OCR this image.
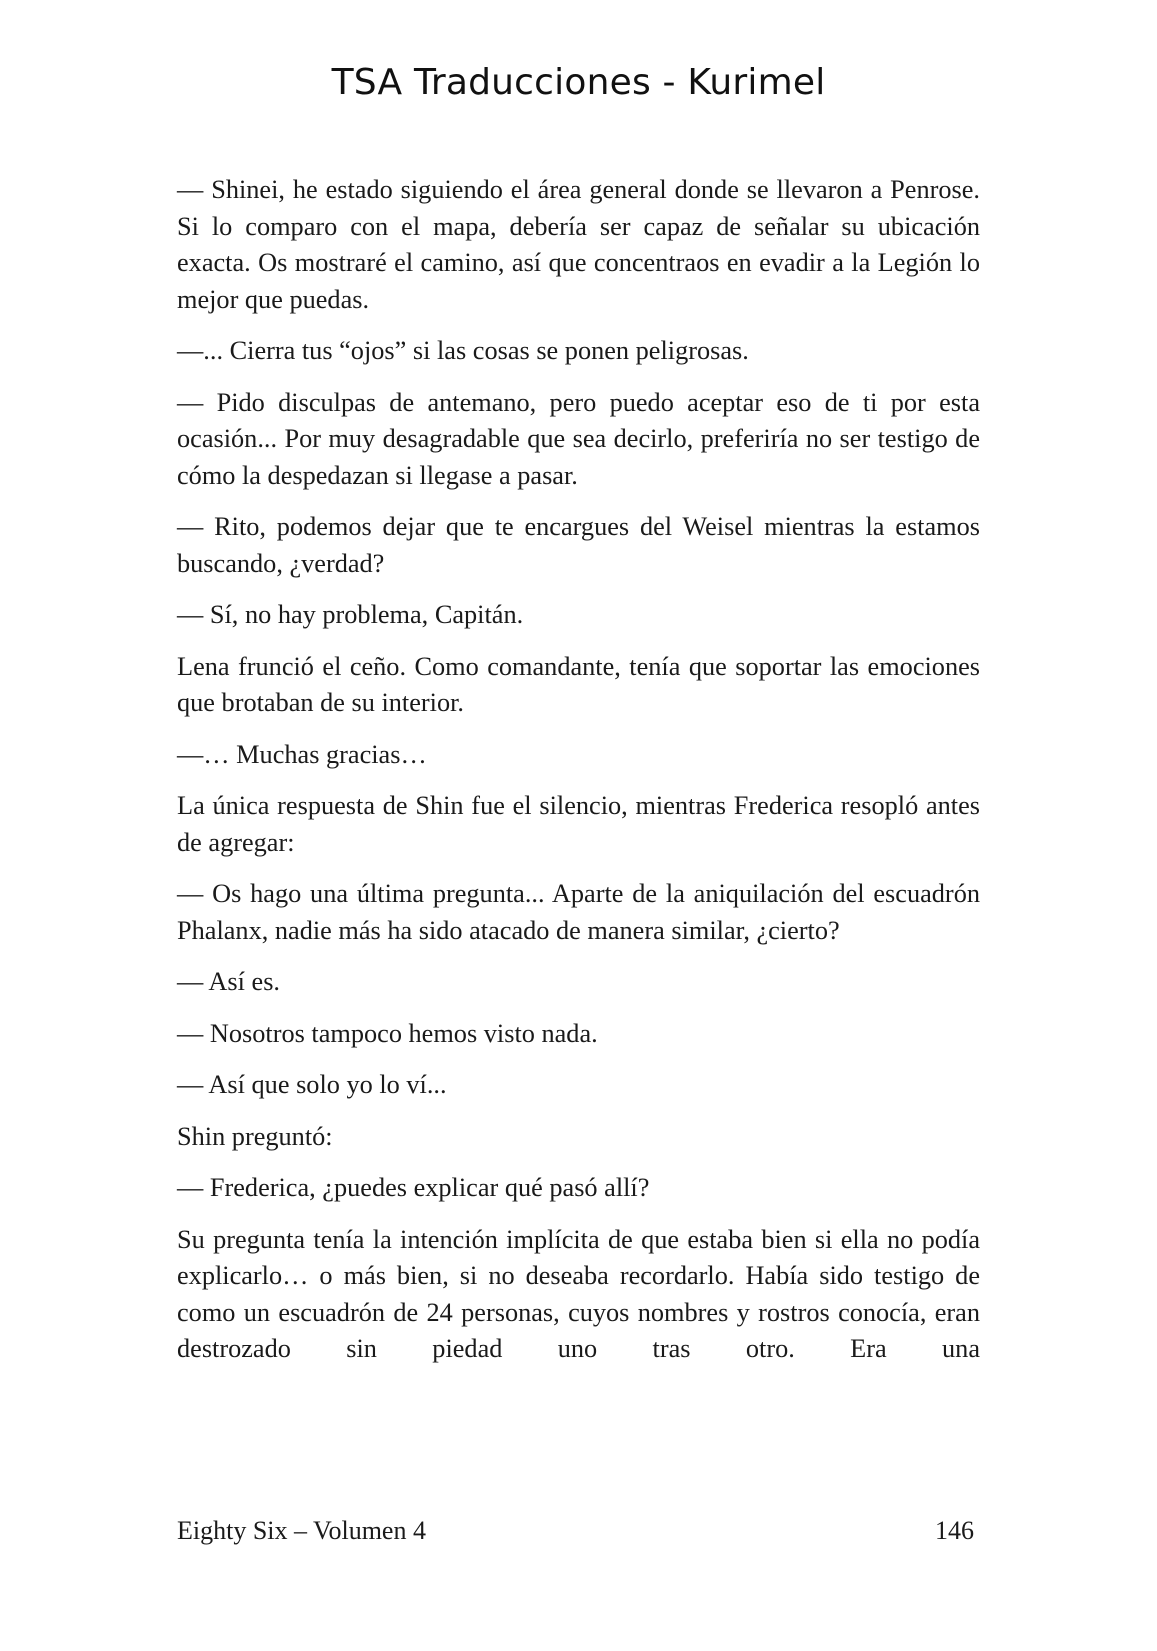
TSA Traducciones - Kurimel

— Shinei, he estado siguiendo el área general donde se llevaron a Penrose. Si lo comparo con el mapa, debería ser capaz de señalar su ubicación exacta. Os mostraré el camino, así que concentraos en evadir a la Legión lo mejor que puedas.

—... Cierra tus “ojos” si las cosas se ponen peligrosas.

— Pido disculpas de antemano, pero puedo aceptar eso de ti por esta ocasión... Por muy desagradable que sea decirlo, preferiría no ser testigo de cómo la despedazan si llegase a pasar.

— Rito, podemos dejar que te encargues del Weisel mientras la estamos buscando, ¿verdad?

— Sí, no hay problema, Capitán.

Lena frunció el ceño. Como comandante, tenía que soportar las emociones que brotaban de su interior.

—… Muchas gracias…

La única respuesta de Shin fue el silencio, mientras Frederica resopló antes de agregar:

— Os hago una última pregunta... Aparte de la aniquilación del escuadrón Phalanx, nadie más ha sido atacado de manera similar, ¿cierto?

— Así es.

— Nosotros tampoco hemos visto nada.

— Así que solo yo lo ví...

Shin preguntó:

— Frederica, ¿puedes explicar qué pasó allí?

Su pregunta tenía la intención implícita de que estaba bien si ella no podía explicarlo… o más bien, si no deseaba recordarlo. Había sido testigo de como un escuadrón de 24 personas, cuyos nombres y rostros conocía, eran destrozado sin piedad uno tras otro. Era una

Eighty Six – Volumen 4	146
